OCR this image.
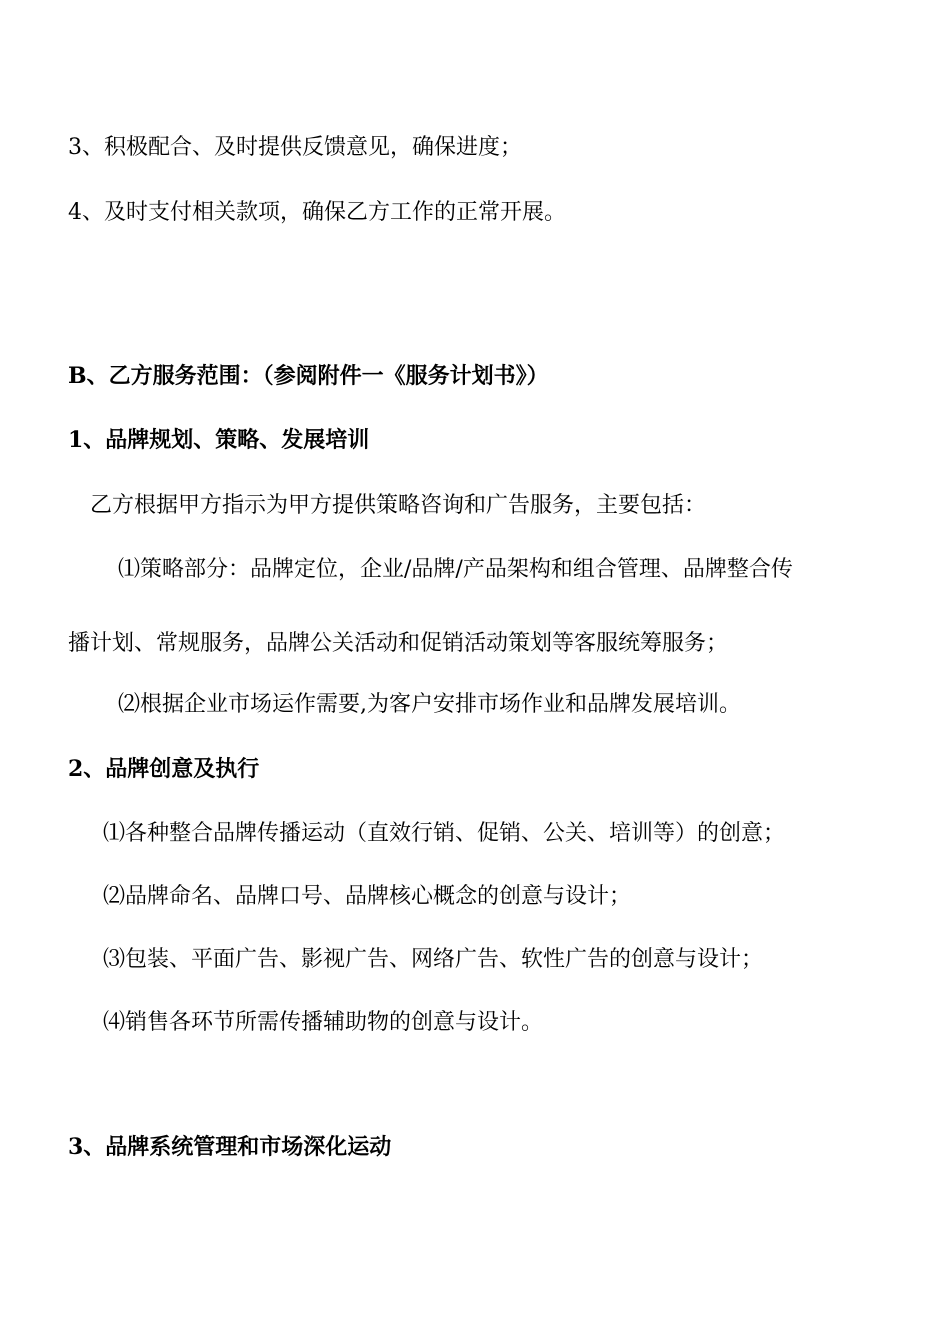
3、积极配合、及时提供反馈意见，确保进度；
4、及时支付相关款项，确保乙方工作的正常开展。
B、乙方服务范围：（参阅附件一《服务计划书》）
1、品牌规划、策略、发展培训
乙方根据甲方指示为甲方提供策略咨询和广告服务，主要包括：
⑴策略部分：品牌定位，企业/品牌/产品架构和组合管理、品牌整合传
播计划、常规服务，品牌公关活动和促销活动策划等客服统筹服务；
⑵根据企业市场运作需要,为客户安排市场作业和品牌发展培训。
2、品牌创意及执行
⑴各种整合品牌传播运动（直效行销、促销、公关、培训等）的创意；
⑵品牌命名、品牌口号、品牌核心概念的创意与设计；
⑶包装、平面广告、影视广告、网络广告、软性广告的创意与设计；
⑷销售各环节所需传播辅助物的创意与设计。
3、品牌系统管理和市场深化运动
